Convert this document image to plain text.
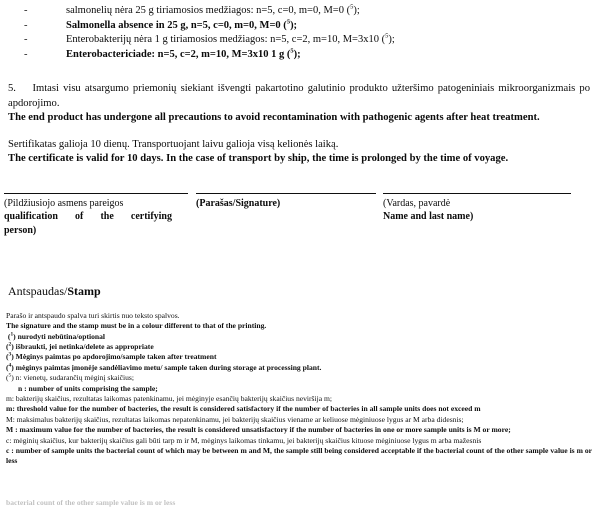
-	salmonelių nėra 25 g tiriamosios medžiagos: n=5, c=0, m=0, M=0 ($^5$);
-	Salmonella absence in 25 g, n=5, c=0, m=0, M=0 ($^5$);
-	Enterobakterijų nėra 1 g tiriamosios medžiagos: n=5, c=2, m=10, M=3x10 ($^5$);
-	Enterobactericiade: n=5, c=2, m=10, M=3x10 1 g ($^5$);

5. Imtasi visu atsargumo priemonių siekiant išvengti pakartotino galutinio produkto užteršimo patogeniniais mikroorganizmais po apdorojimo.

The end product has undergone all precautions to avoid recontamination with pathogenic agents after heat treatment.

Sertifikatas galioja 10 dienų. Transportuojant laivu galioja visą kelionės laiką.
The certificate is valid for 10 days. In the case of transport by ship, the time is prolonged by the time of voyage.
(Pildžiusiojo asmens pareigos
qualification of the certifying
person)
(Parašas/Signature)	(Vardas, pavardė
Name and last name)
Antspaudas/Stamp

Parašo ir antspaudo spalva turi skirtis nuo teksto spalvos.

The signature and the stamp must be in a colour different to that of the printing.

($^1$) nurodyti nebūtina/optional

($^2$) išbraukti, jei netinka/delete as appropriate

($^3$) Mėginys paimtas po apdorojimo/sample taken after treatment

($^4$) mėginys paimtas įmonėje sandėliavimo metu/ sample taken during storage at processing plant.

($^5$) n: vienetų, sudarančių mėginį skaičius;

n : number of units comprising the sample;

m: bakterijų skaičius, rezultatas laikomas patenkinamu, jei mėginyje esančių bakterijų skaičius neviršija m;

m: threshold value for the number of bacteries, the result is considered satisfactory if the number of bacteries in all sample units does not exceed m

M: maksimalus bakterijų skaičius, rezultatas laikomas nepatenkinamu, jei bakterijų skaičius viename ar keliuose mėginiuose lygus ar M arba didesnis;

M : maximum value for the number of bacteries, the result is considered unsatisfactory if the number of bacteries in one or more sample units is M or more;

c: mėginių skaičius, kur bakterijų skaičius gali būti tarp m ir M, mėginys laikomas tinkamu, jei bakterijų skaičius kituose mėginiuose lygus m arba mažesnis

c : number of sample units the bacterial count of which may be between m and M, the sample still being considered acceptable if the bacterial count of the other sample value is m or less

bacterial count of the other sample value is m or less
